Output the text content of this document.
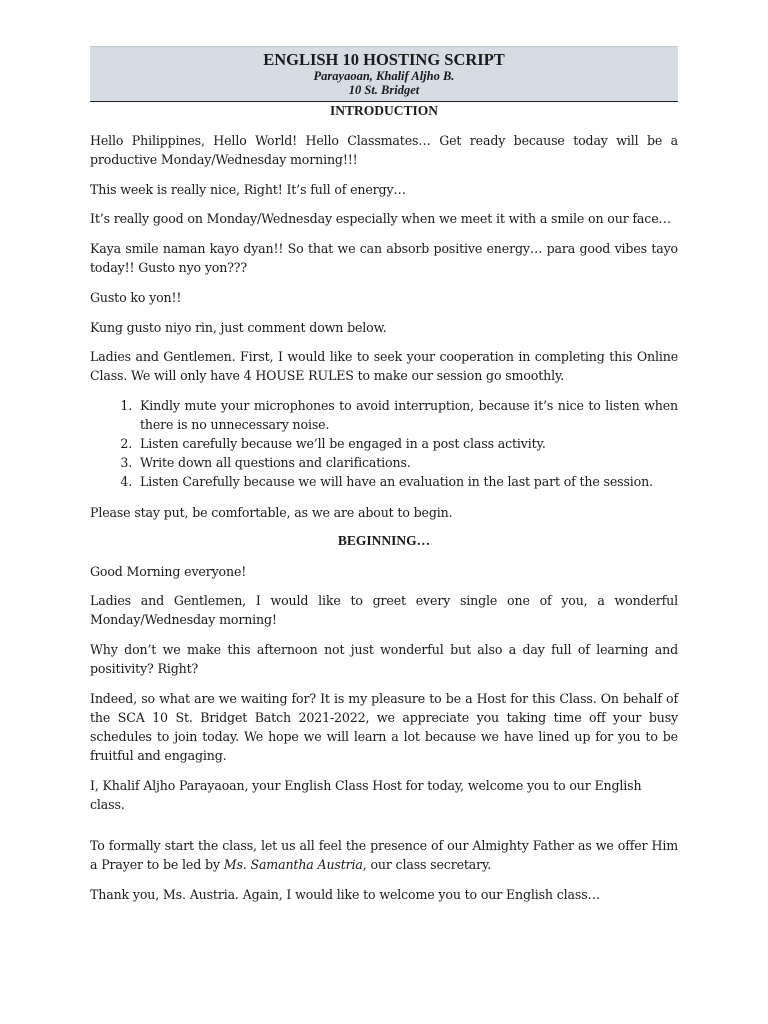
ENGLISH 10 HOSTING SCRIPT
Parayaoan, Khalif Aljho B.
10 St. Bridget
INTRODUCTION
Hello Philippines, Hello World! Hello Classmates… Get ready because today will be a productive Monday/Wednesday morning!!!
This week is really nice, Right! It’s full of energy…
It’s really good on Monday/Wednesday especially when we meet it with a smile on our face…
Kaya smile naman kayo dyan!! So that we can absorb positive energy… para good vibes tayo today!! Gusto nyo yon???
Gusto ko yon!!
Kung gusto niyo rin, just comment down below.
Ladies and Gentlemen. First, I would like to seek your cooperation in completing this Online Class. We will only have 4 HOUSE RULES to make our session go smoothly.
1. Kindly mute your microphones to avoid interruption, because it’s nice to listen when there is no unnecessary noise.
2. Listen carefully because we’ll be engaged in a post class activity.
3. Write down all questions and clarifications.
4. Listen Carefully because we will have an evaluation in the last part of the session.
Please stay put, be comfortable, as we are about to begin.
BEGINNING…
Good Morning everyone!
Ladies and Gentlemen, I would like to greet every single one of you, a wonderful Monday/Wednesday morning!
Why don’t we make this afternoon not just wonderful but also a day full of learning and positivity? Right?
Indeed, so what are we waiting for? It is my pleasure to be a Host for this Class. On behalf of the SCA 10 St. Bridget Batch 2021-2022, we appreciate you taking time off your busy schedules to join today. We hope we will learn a lot because we have lined up for you to be fruitful and engaging.
I, Khalif Aljho Parayaoan, your English Class Host for today, welcome you to our English class.
To formally start the class, let us all feel the presence of our Almighty Father as we offer Him a Prayer to be led by Ms. Samantha Austria, our class secretary.
Thank you, Ms. Austria. Again, I would like to welcome you to our English class…
